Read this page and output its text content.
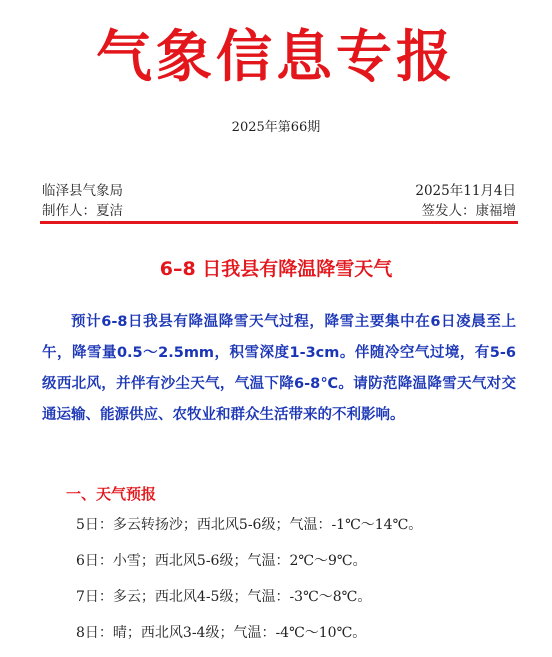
气象信息专报
2025年第66期
临泽县气象局	2025年11月4日
制作人：夏洁	签发人：康福增
6–8 日我县有降温降雪天气

预计6-8日我县有降温降雪天气过程，降雪主要集中在6日凌晨至上午，降雪量0.5～2.5mm，积雪深度1-3cm。伴随冷空气过境，有5-6级西北风，并伴有沙尘天气，气温下降6-8℃。请防范降温降雪天气对交通运输、能源供应、农牧业和群众生活带来的不利影响。

一、天气预报
5日：多云转扬沙；西北风5-6级；气温：-1℃～14℃。
6日：小雪；西北风5-6级；气温：2℃～9℃。
7日：多云；西北风4-5级；气温：-3℃～8℃。
8日：晴；西北风3-4级；气温：-4℃～10℃。
